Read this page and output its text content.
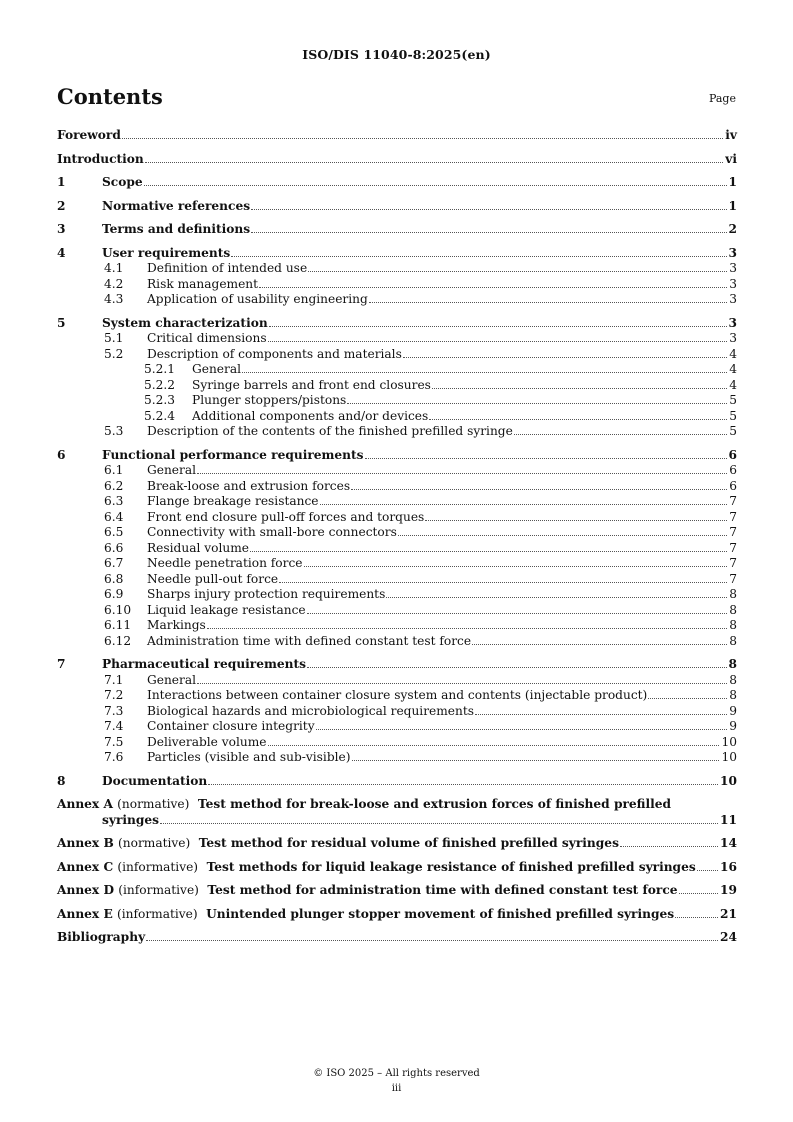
ISO/DIS 11040-8:2025(en)
Contents	Page
Foreword	iv
Introduction	vi
1	Scope	1
2	Normative references	1
3	Terms and definitions	2
4	User requirements	3
4.1 Definition of intended use	3
4.2 Risk management	3
4.3 Application of usability engineering	3
5	System characterization	3
5.1 Critical dimensions	3
5.2 Description of components and materials	4
5.2.1 General	4
5.2.2 Syringe barrels and front end closures	4
5.2.3 Plunger stoppers/pistons	5
5.2.4 Additional components and/or devices	5
5.3 Description of the contents of the finished prefilled syringe	5
6	Functional performance requirements	6
6.1 General	6
6.2 Break-loose and extrusion forces	6
6.3 Flange breakage resistance	7
6.4 Front end closure pull-off forces and torques	7
6.5 Connectivity with small-bore connectors	7
6.6 Residual volume	7
6.7 Needle penetration force	7
6.8 Needle pull-out force	7
6.9 Sharps injury protection requirements	8
6.10 Liquid leakage resistance	8
6.11 Markings	8
6.12 Administration time with defined constant test force	8
7	Pharmaceutical requirements	8
7.1 General	8
7.2 Interactions between container closure system and contents (injectable product)	8
7.3 Biological hazards and microbiological requirements	9
7.4 Container closure integrity	9
7.5 Deliverable volume	10
7.6 Particles (visible and sub-visible)	10
8	Documentation	10
Annex A (normative) Test method for break-loose and extrusion forces of finished prefilled
syringes	11
Annex B (normative) Test method for residual volume of finished prefilled syringes	14
Annex C (informative) Test methods for liquid leakage resistance of finished prefilled syringes 16
Annex D (informative) Test method for administration time with defined constant test force	19
Annex E (informative) Unintended plunger stopper movement of finished prefilled syringes	21
Bibliography	24
© ISO 2025 – All rights reserved
iii
